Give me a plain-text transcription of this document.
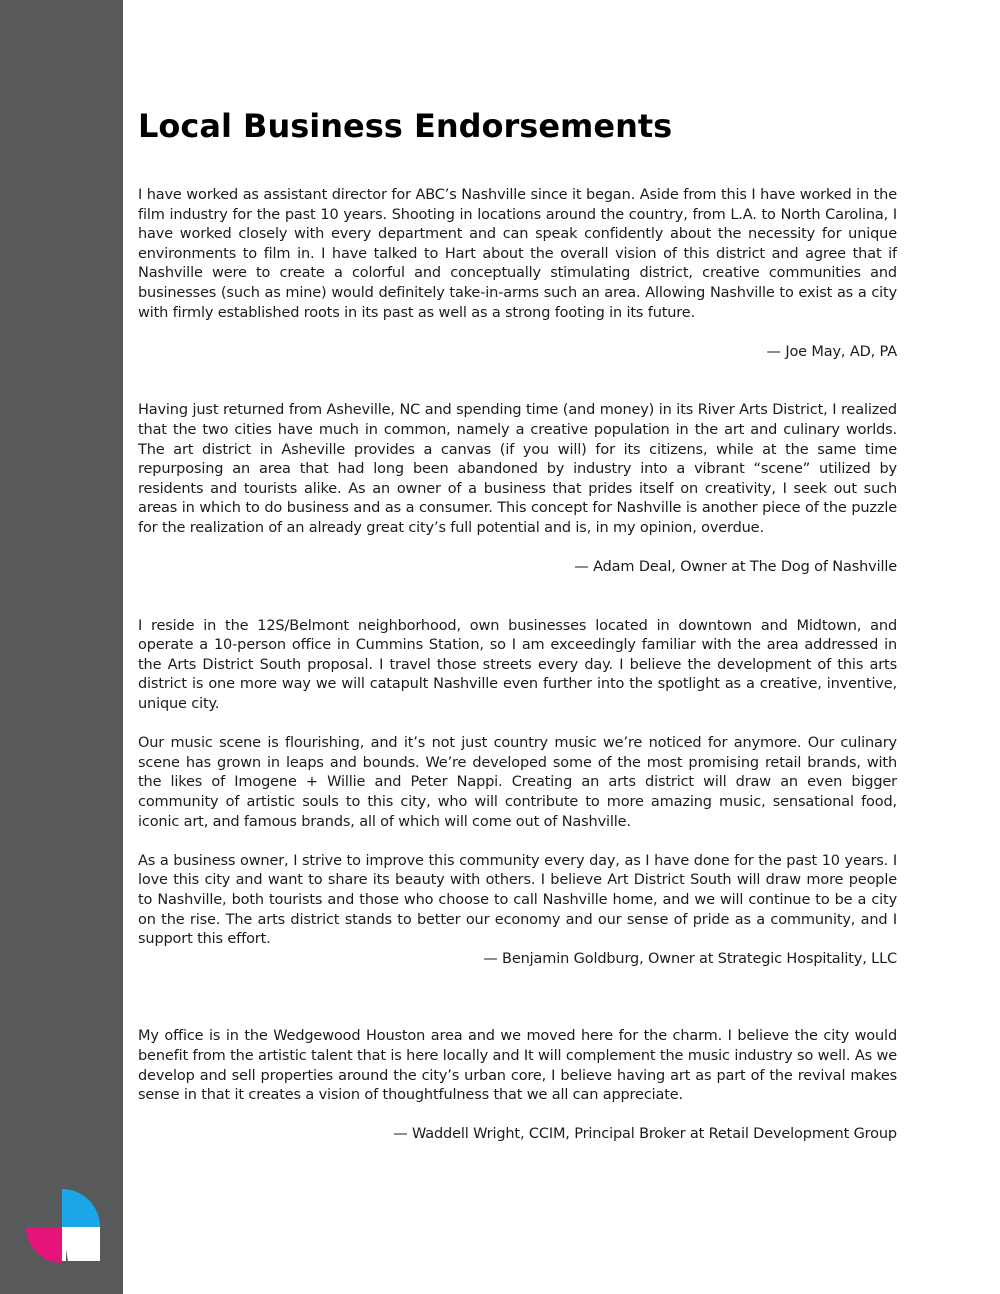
Local Business Endorsements

I have worked as assistant director for ABC’s Nashville since it began. Aside from this I have worked in the film industry for the past 10 years. Shooting in locations around the country, from L.A. to North Carolina, I have worked closely with every department and can speak confidently about the necessity for unique environments to film in. I have talked to Hart about the overall vision of this district and agree that if Nashville were to create a colorful and conceptually stimulating district, creative communities and businesses (such as mine) would definitely take-in-arms such an area. Allowing Nashville to exist as a city with firmly established roots in its past as well as a strong footing in its future.

— Joe May, AD, PA

Having just returned from Asheville, NC and spending time (and money) in its River Arts District, I realized that the two cities have much in common, namely a creative population in the art and culinary worlds. The art district in Asheville provides a canvas (if you will) for its citizens, while at the same time repurposing an area that had long been abandoned by industry into a vibrant “scene” utilized by residents and tourists alike. As an owner of a business that prides itself on creativity, I seek out such areas in which to do business and as a consumer. This concept for Nashville is another piece of the puzzle for the realization of an already great city’s full potential and is, in my opinion, overdue.

— Adam Deal, Owner at The Dog of Nashville

I reside in the 12S/Belmont neighborhood, own businesses located in downtown and Midtown, and operate a 10-person office in Cummins Station, so I am exceedingly familiar with the area addressed in the Arts District South proposal. I travel those streets every day. I believe the development of this arts district is one more way we will catapult Nashville even further into the spotlight as a creative, inventive, unique city.

Our music scene is flourishing, and it’s not just country music we’re noticed for anymore. Our culinary scene has grown in leaps and bounds. We’re developed some of the most promising retail brands, with the likes of Imogene + Willie and Peter Nappi. Creating an arts district will draw an even bigger community of artistic souls to this city, who will contribute to more amazing music, sensational food, iconic art, and famous brands, all of which will come out of Nashville.

As a business owner, I strive to improve this community every day, as I have done for the past 10 years. I love this city and want to share its beauty with others. I believe Art District South will draw more people to Nashville, both tourists and those who choose to call Nashville home, and we will continue to be a city on the rise. The arts district stands to better our economy and our sense of pride as a community, and I support this effort.

— Benjamin Goldburg, Owner at Strategic Hospitality, LLC

My office is in the Wedgewood Houston area and we moved here for the charm. I believe the city would benefit from the artistic talent that is here locally and It will complement the music industry so well. As we develop and sell properties around the city’s urban core, I believe having art as part of the revival makes sense in that it creates a vision of thoughtfulness that we all can appreciate.

— Waddell Wright, CCIM, Principal Broker at Retail Development Group
